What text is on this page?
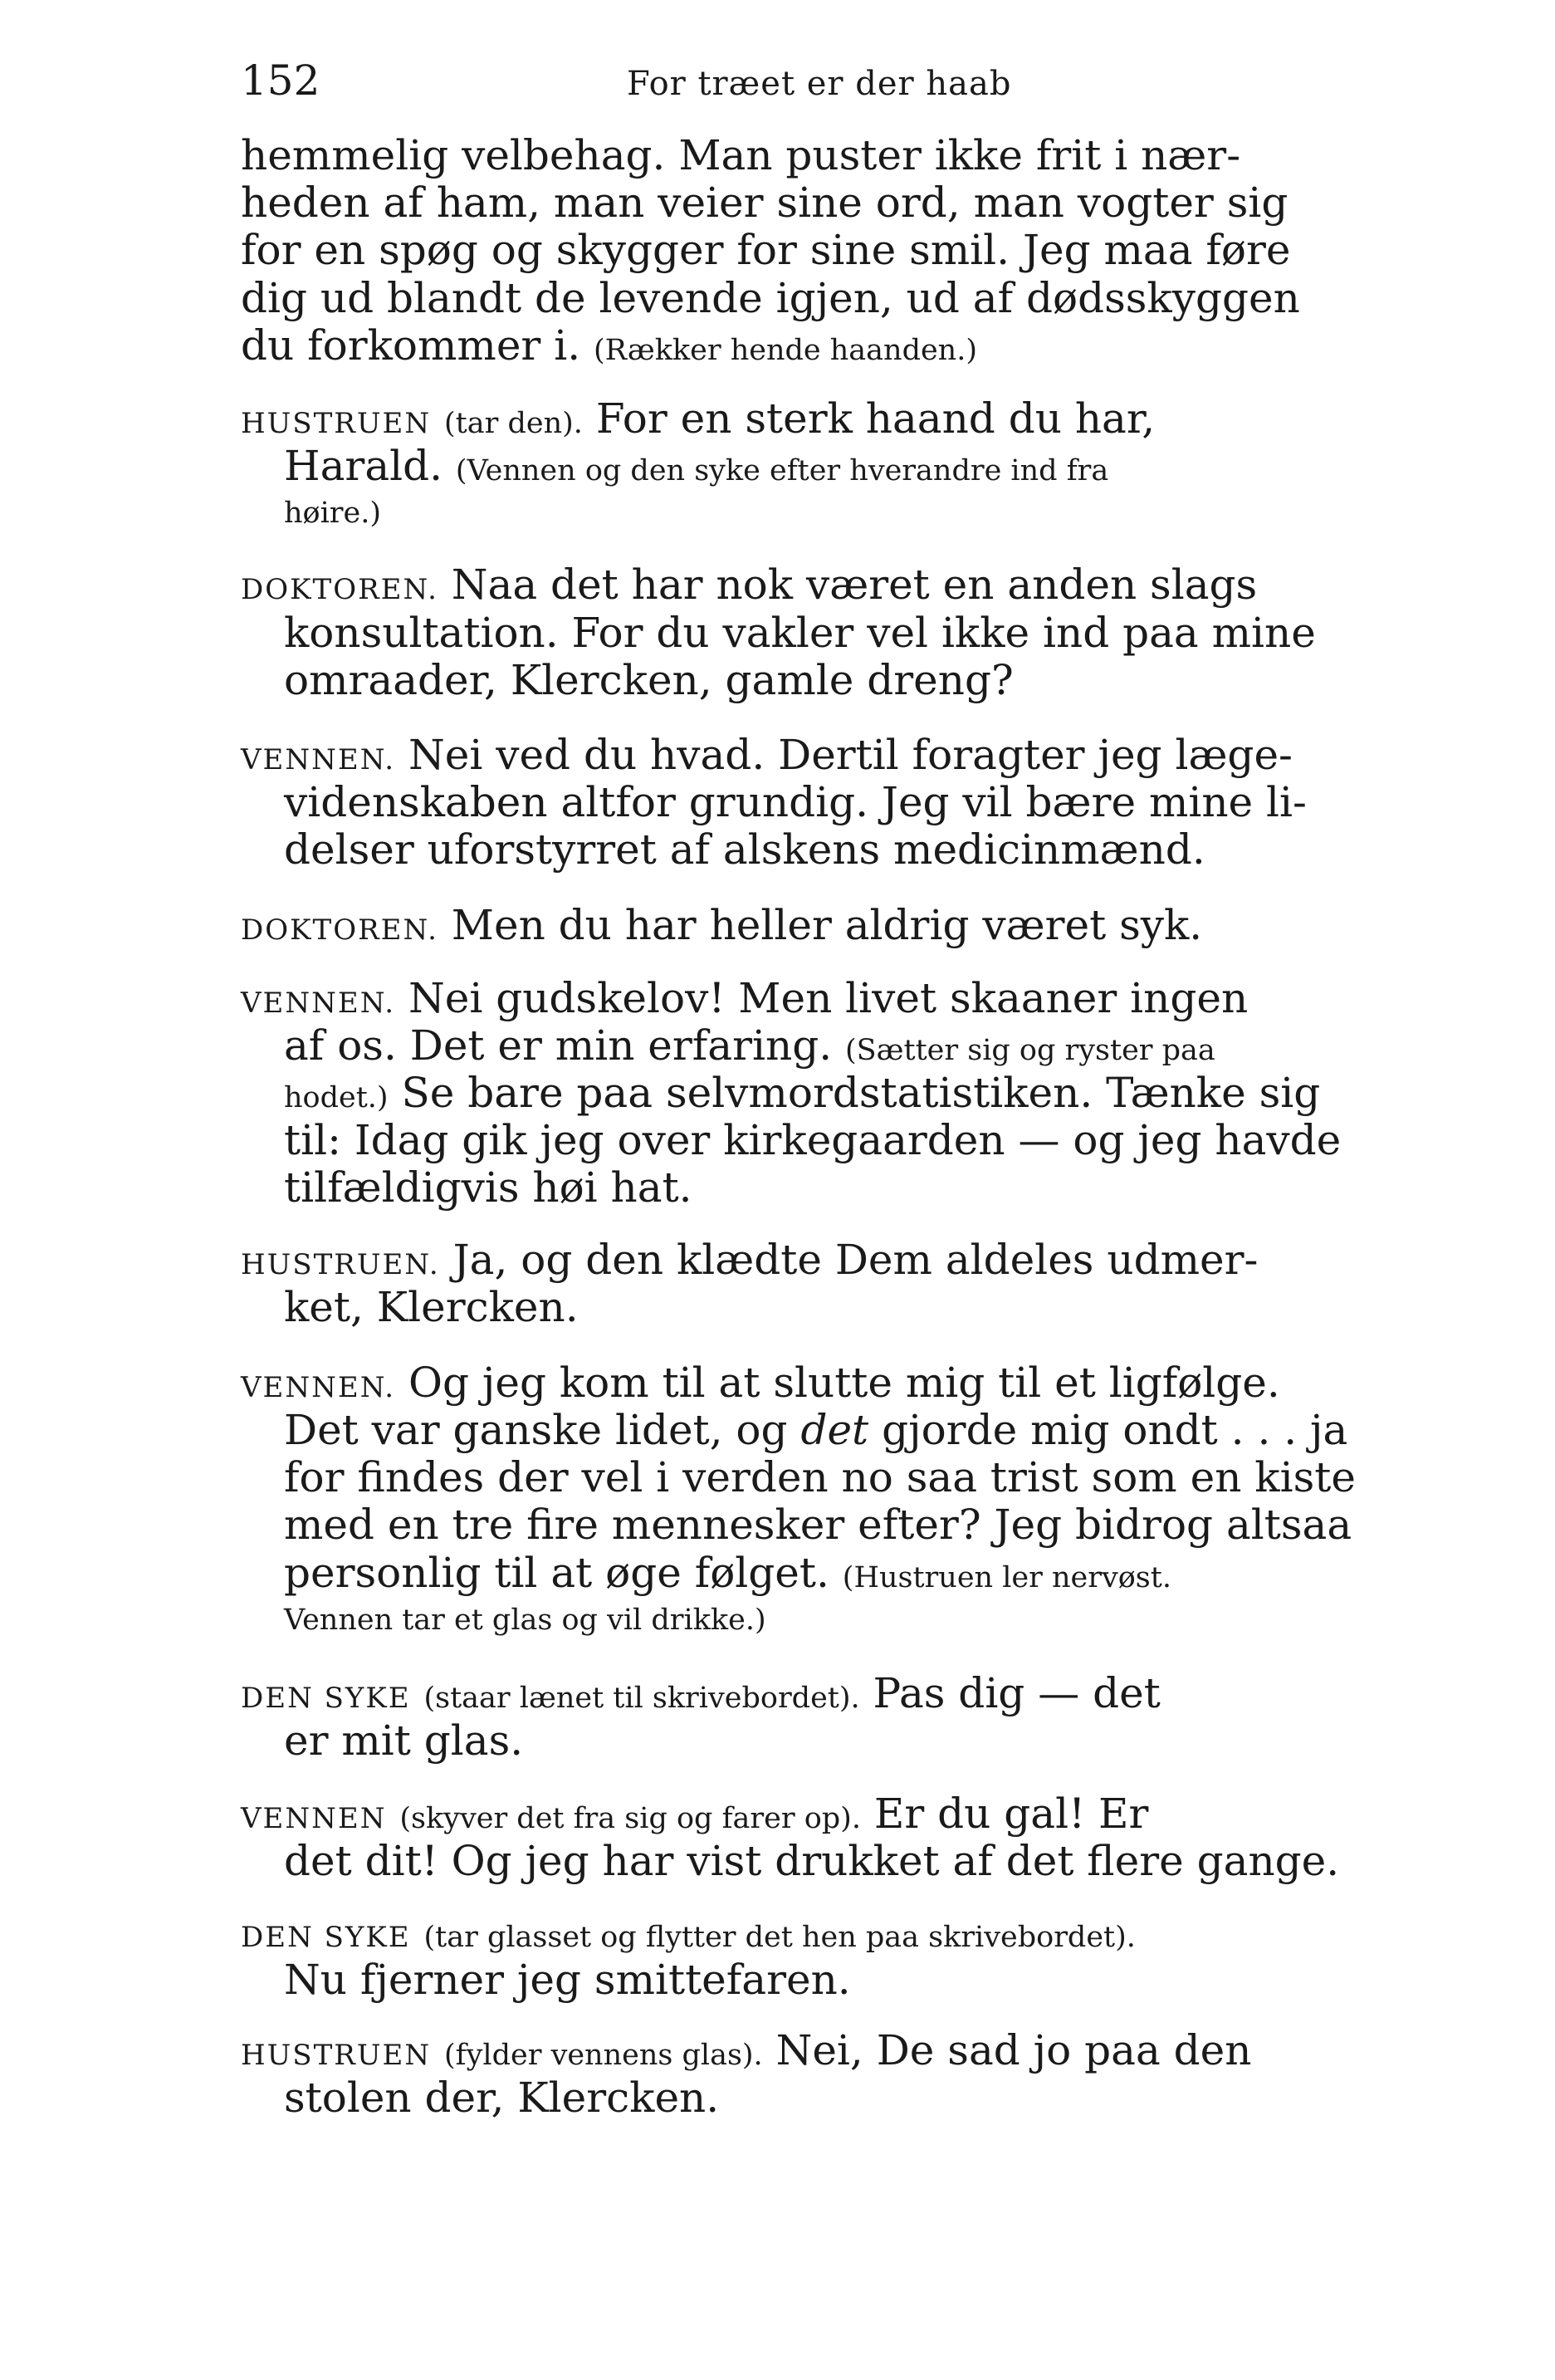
152	For træet er der haab
hemmelig velbehag. Man puster ikke frit i nær-
heden af ham, man veier sine ord, man vogter sig
for en spøg og skygger for sine smil. Jeg maa føre
dig ud blandt de levende igjen, ud af dødsskyggen
du forkommer i. (Rækker hende haanden.)
HUSTRUEN (tar den). For en sterk haand du har,
Harald. (Vennen og den syke efter hverandre ind fra
høire.)
DOKTOREN. Naa det har nok været en anden slags
konsultation. For du vakler vel ikke ind paa mine
omraader, Klercken, gamle dreng?
VENNEN. Nei ved du hvad. Dertil foragter jeg læge-
videnskaben altfor grundig. Jeg vil bære mine li-
delser uforstyrret af alskens medicinmænd.
DOKTOREN. Men du har heller aldrig været syk.
VENNEN. Nei gudskelov! Men livet skaaner ingen
af os. Det er min erfaring. (Sætter sig og ryster paa
hodet.) Se bare paa selvmordstatistiken. Tænke sig
til: Idag gik jeg over kirkegaarden — og jeg havde
tilfældigvis høi hat.
HUSTRUEN. Ja, og den klædte Dem aldeles udmer-
ket, Klercken.
VENNEN. Og jeg kom til at slutte mig til et ligfølge.
Det var ganske lidet, og det gjorde mig ondt . . . ja
for findes der vel i verden no saa trist som en kiste
med en tre fire mennesker efter? Jeg bidrog altsaa
personlig til at øge følget. (Hustruen ler nervøst.
Vennen tar et glas og vil drikke.)
DEN SYKE (staar lænet til skrivebordet). Pas dig — det
er mit glas.
VENNEN (skyver det fra sig og farer op). Er du gal! Er
det dit! Og jeg har vist drukket af det flere gange.
DEN SYKE (tar glasset og flytter det hen paa skrivebordet).
Nu fjerner jeg smittefaren.
HUSTRUEN (fylder vennens glas). Nei, De sad jo paa den
stolen der, Klercken.
